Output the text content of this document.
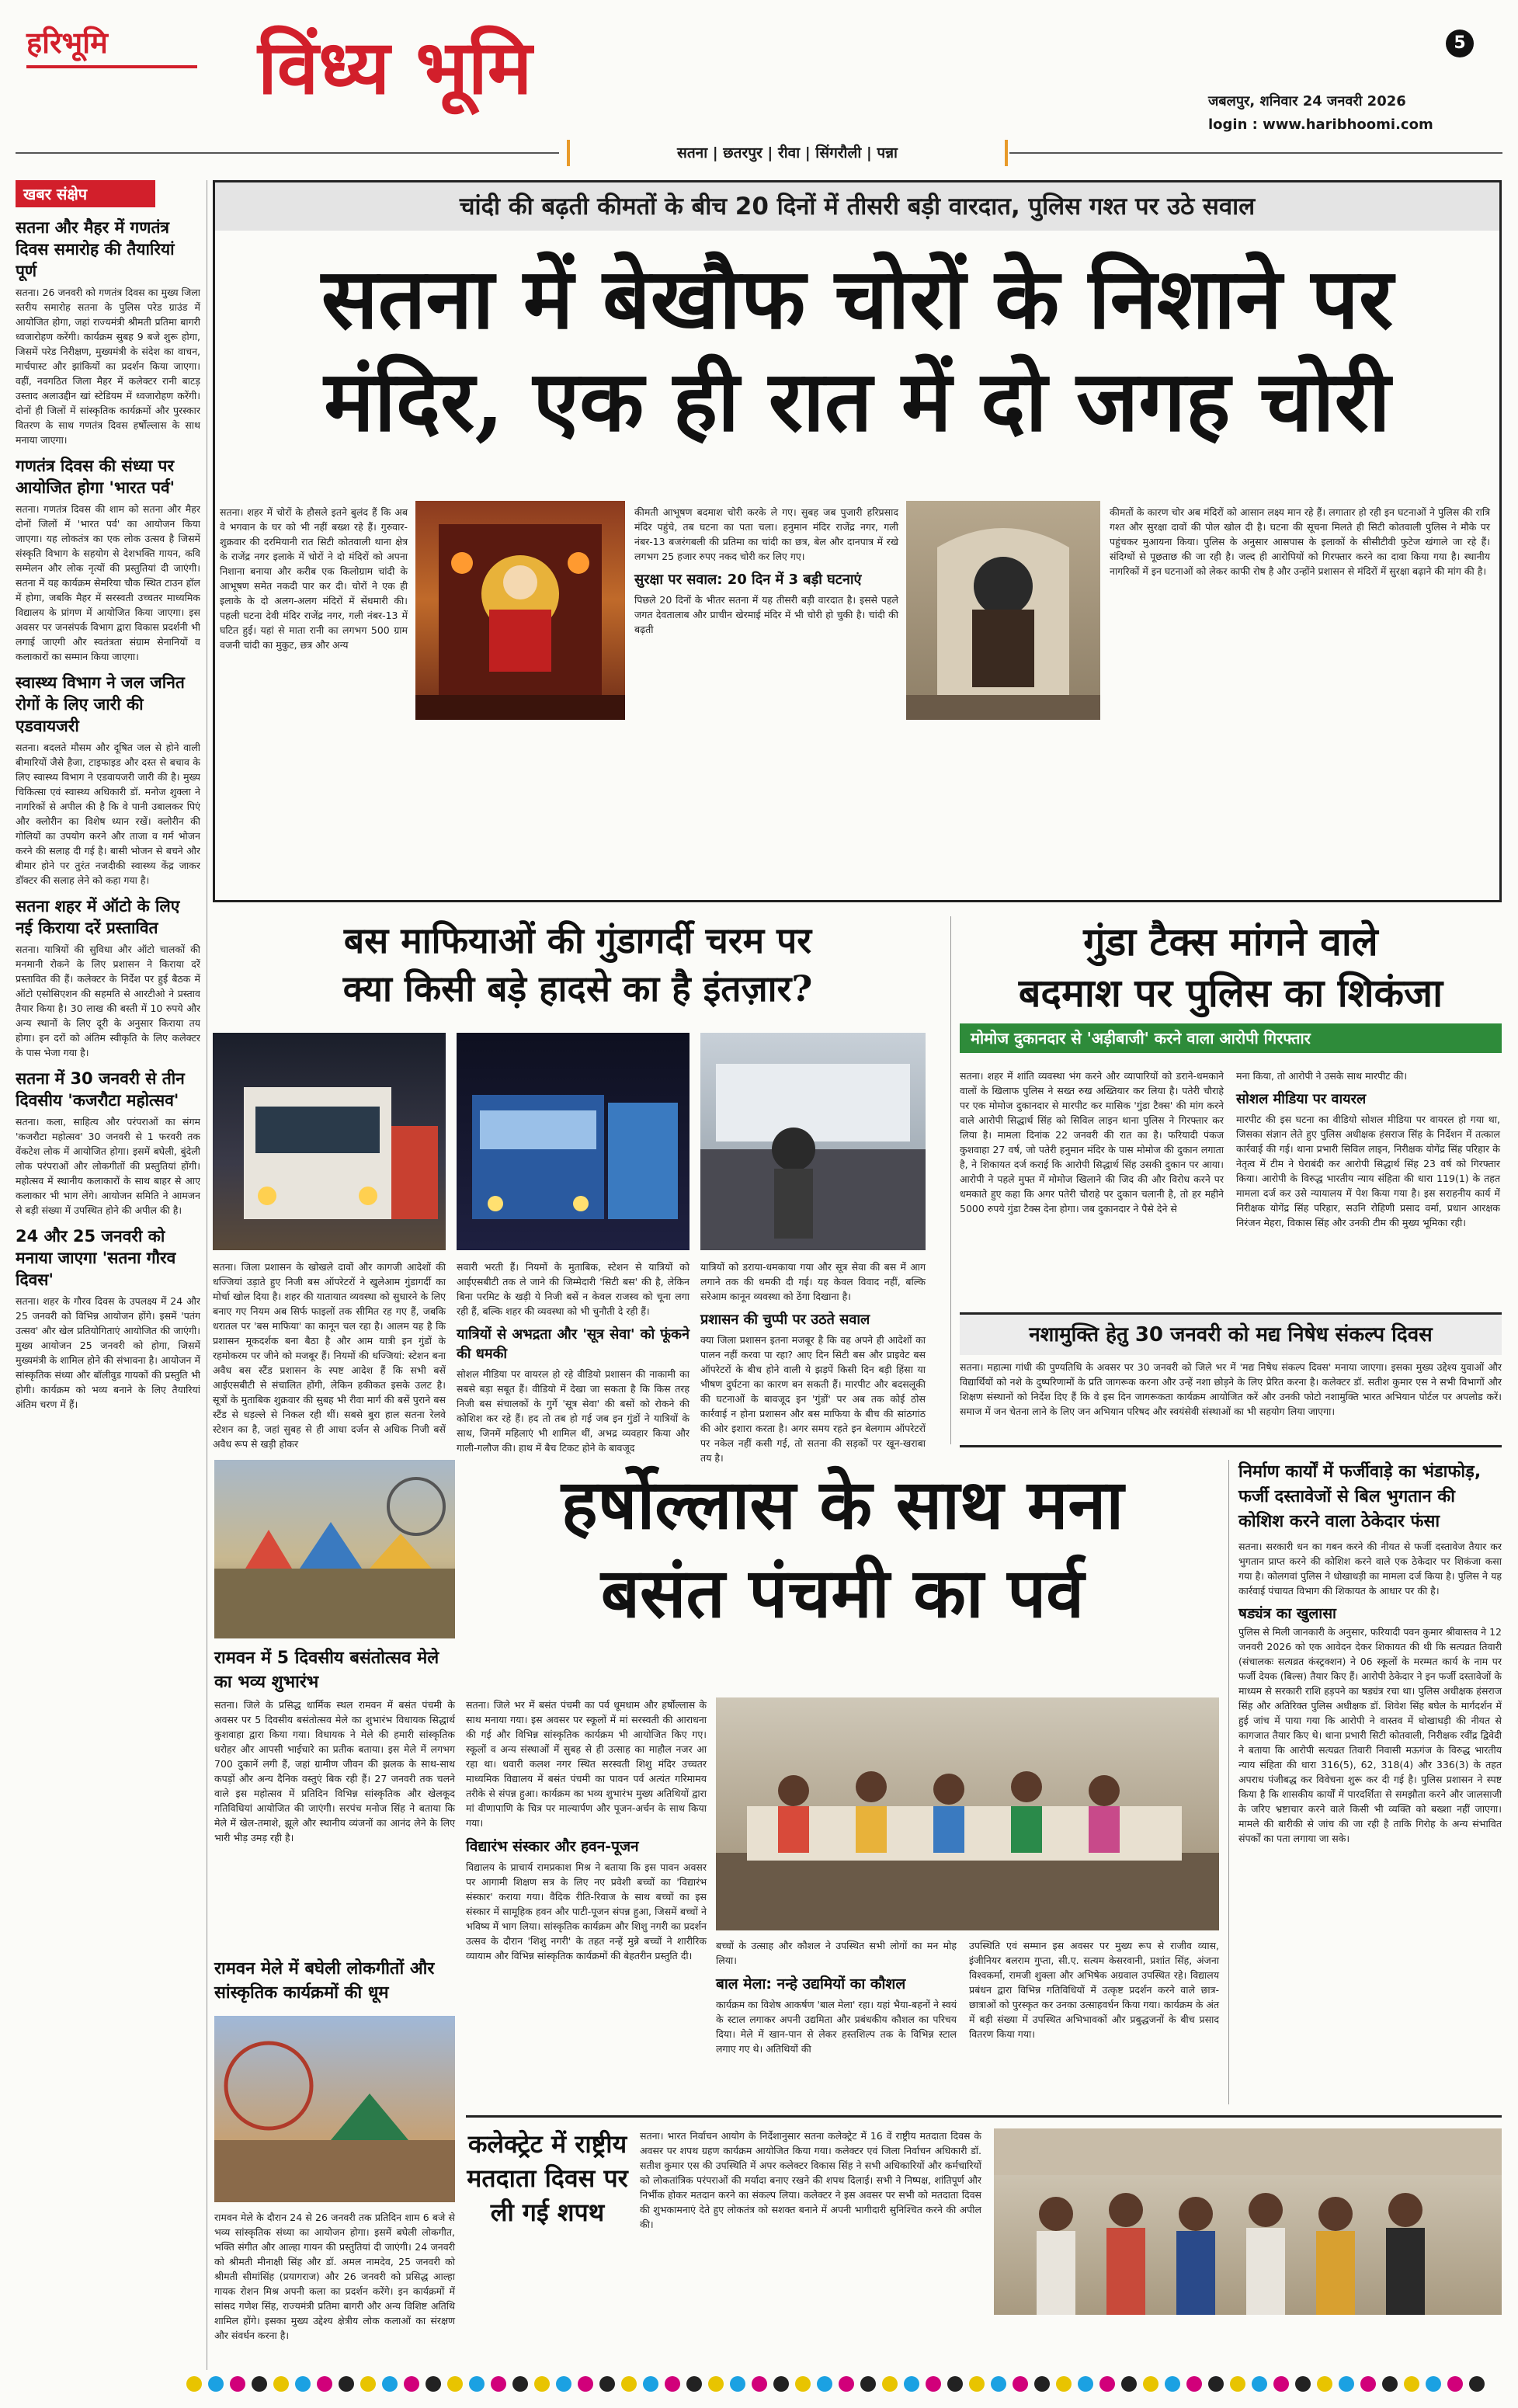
हरिभूमि विंध्य भूमि	5
जबलपुर, शनिवार 24 जनवरी 2026
login : www.haribhoomi.com
सतना | छतरपुर | रीवा | सिंगरौली | पन्ना
खबर संक्षेप
सतना और मैहर में गणतंत्र दिवस समारोह की तैयारियां पूर्ण
सतना। 26 जनवरी को गणतंत्र दिवस का मुख्य जिला स्तरीय समारोह सतना के पुलिस परेड ग्राउंड में आयोजित होगा, जहां राज्यमंत्री श्रीमती प्रतिमा बागरी ध्वजारोहण करेंगी। कार्यक्रम सुबह 9 बजे शुरू होगा, जिसमें परेड निरीक्षण, मुख्यमंत्री के संदेश का वाचन, मार्चपास्ट और झांकियों का प्रदर्शन किया जाएगा। वहीं, नवगठित जिला मैहर में कलेक्टर रानी बाटड़ उस्ताद अलाउद्दीन खां स्टेडियम में ध्वजारोहण करेंगी। दोनों ही जिलों में सांस्कृतिक कार्यक्रमों और पुरस्कार वितरण के साथ गणतंत्र दिवस हर्षोल्लास के साथ मनाया जाएगा।
गणतंत्र दिवस की संध्या पर आयोजित होगा 'भारत पर्व'
सतना। गणतंत्र दिवस की शाम को सतना और मैहर दोनों जिलों में 'भारत पर्व' का आयोजन किया जाएगा। यह लोकतंत्र का एक लोक उत्सव है जिसमें संस्कृति विभाग के सहयोग से देशभक्ति गायन, कवि सम्मेलन और लोक नृत्यों की प्रस्तुतियां दी जाएंगी। सतना में यह कार्यक्रम सेमरिया चौक स्थित टाउन हॉल में होगा, जबकि मैहर में सरस्वती उच्चतर माध्यमिक विद्यालय के प्रांगण में आयोजित किया जाएगा। इस अवसर पर जनसंपर्क विभाग द्वारा विकास प्रदर्शनी भी लगाई जाएगी और स्वतंत्रता संग्राम सेनानियों व कलाकारों का सम्मान किया जाएगा।
स्वास्थ्य विभाग ने जल जनित रोगों के लिए जारी की एडवायजरी
सतना। बदलते मौसम और दूषित जल से होने वाली बीमारियों जैसे हैजा, टाइफाइड और दस्त से बचाव के लिए स्वास्थ्य विभाग ने एडवायजरी जारी की है। मुख्य चिकित्सा एवं स्वास्थ्य अधिकारी डॉ. मनोज शुक्ला ने नागरिकों से अपील की है कि वे पानी उबालकर पिएं और क्लोरीन का विशेष ध्यान रखें। क्लोरीन की गोलियों का उपयोग करने और ताजा व गर्म भोजन करने की सलाह दी गई है। बासी भोजन से बचने और बीमार होने पर तुरंत नजदीकी स्वास्थ्य केंद्र जाकर डॉक्टर की सलाह लेने को कहा गया है।
सतना शहर में ऑटो के लिए नई किराया दरें प्रस्तावित
सतना। यात्रियों की सुविधा और ऑटो चालकों की मनमानी रोकने के लिए प्रशासन ने किराया दरें प्रस्तावित की हैं। कलेक्टर के निर्देश पर हुई बैठक में ऑटो एसोसिएशन की सहमति से आरटीओ ने प्रस्ताव तैयार किया है। 30 लाख की बस्ती में 10 रुपये और अन्य स्थानों के लिए दूरी के अनुसार किराया तय होगा। इन दरों को अंतिम स्वीकृति के लिए कलेक्टर के पास भेजा गया है।
सतना में 30 जनवरी से तीन दिवसीय 'कजरौटा महोत्सव'
सतना। कला, साहित्य और परंपराओं का संगम 'कजरौटा महोत्सव' 30 जनवरी से 1 फरवरी तक वेंकटेश लोक में आयोजित होगा। इसमें बघेली, बुंदेली लोक परंपराओं और लोकगीतों की प्रस्तुतियां होंगी। महोत्सव में स्थानीय कलाकारों के साथ बाहर से आए कलाकार भी भाग लेंगे। आयोजन समिति ने आमजन से बड़ी संख्या में उपस्थित होने की अपील की है।
24 और 25 जनवरी को मनाया जाएगा 'सतना गौरव दिवस'
सतना। शहर के गौरव दिवस के उपलक्ष्य में 24 और 25 जनवरी को विभिन्न आयोजन होंगे। इसमें 'पतंग उत्सव' और खेल प्रतियोगिताएं आयोजित की जाएंगी। मुख्य आयोजन 25 जनवरी को होगा, जिसमें मुख्यमंत्री के शामिल होने की संभावना है। आयोजन में सांस्कृतिक संध्या और बॉलीवुड गायकों की प्रस्तुति भी होगी। कार्यक्रम को भव्य बनाने के लिए तैयारियां अंतिम चरण में हैं।
चांदी की बढ़ती कीमतों के बीच 20 दिनों में तीसरी बड़ी वारदात, पुलिस गश्त पर उठे सवाल
सतना में बेखौफ चोरों के निशाने पर
मंदिर, एक ही रात में दो जगह चोरी
सतना। शहर में चोरों के हौसले इतने बुलंद हैं कि अब वे भगवान के घर को भी नहीं बख्श रहे हैं। गुरुवार-शुक्रवार की दरमियानी रात सिटी कोतवाली थाना क्षेत्र के राजेंद्र नगर इलाके में चोरों ने दो मंदिरों को अपना निशाना बनाया और करीब एक किलोग्राम चांदी के आभूषण समेत नकदी पार कर दी। चोरों ने एक ही इलाके के दो अलग-अलग मंदिरों में सेंधमारी की। पहली घटना देवी मंदिर राजेंद्र नगर, गली नंबर-13 में घटित हुई। यहां से माता रानी का लगभग 500 ग्राम वजनी चांदी का मुकुट, छत्र और अन्य
कीमती आभूषण बदमाश चोरी करके ले गए। सुबह जब पुजारी हरिप्रसाद मंदिर पहुंचे, तब घटना का पता चला। हनुमान मंदिर राजेंद्र नगर, गली नंबर-13 बजरंगबली की प्रतिमा का चांदी का छत्र, बेल और दानपात्र में रखे लगभग 25 हजार रुपए नकद चोरी कर लिए गए।
सुरक्षा पर सवाल: 20 दिन में 3 बड़ी घटनाएं
पिछले 20 दिनों के भीतर सतना में यह तीसरी बड़ी वारदात है। इससे पहले जगत देवतालाब और प्राचीन खेरमाई मंदिर में भी चोरी हो चुकी है। चांदी की बढ़ती
कीमतों के कारण चोर अब मंदिरों को आसान लक्ष्य मान रहे हैं। लगातार हो रही इन घटनाओं ने पुलिस की रात्रि गश्त और सुरक्षा दावों की पोल खोल दी है। घटना की सूचना मिलते ही सिटी कोतवाली पुलिस ने मौके पर पहुंचकर मुआयना किया। पुलिस के अनुसार आसपास के इलाकों के सीसीटीवी फुटेज खंगाले जा रहे हैं। संदिग्धों से पूछताछ की जा रही है। जल्द ही आरोपियों को गिरफ्तार करने का दावा किया गया है। स्थानीय नागरिकों में इन घटनाओं को लेकर काफी रोष है और उन्होंने प्रशासन से मंदिरों में सुरक्षा बढ़ाने की मांग की है।
बस माफियाओं की गुंडागर्दी चरम पर
क्या किसी बड़े हादसे का है इंतज़ार?
सतना। जिला प्रशासन के खोखले दावों और कागजी आदेशों की धज्जियां उड़ाते हुए निजी बस ऑपरेटरों ने खुलेआम गुंडागर्दी का मोर्चा खोल दिया है। शहर की यातायात व्यवस्था को सुधारने के लिए बनाए गए नियम अब सिर्फ फाइलों तक सीमित रह गए हैं, जबकि धरातल पर 'बस माफिया' का कानून चल रहा है। आलम यह है कि प्रशासन मूकदर्शक बना बैठा है और आम यात्री इन गुंडों के रहमोकरम पर जीने को मजबूर हैं। नियमों की धज्जियां: स्टेशन बना अवैध बस स्टैंड प्रशासन के स्पष्ट आदेश हैं कि सभी बसें आईएसबीटी से संचालित होंगी, लेकिन हकीकत इसके उलट है। सूत्रों के मुताबिक शुक्रवार की सुबह भी रीवा मार्ग की बसें पुराने बस स्टैंड से धड़ल्ले से निकल रही थीं। सबसे बुरा हाल सतना रेलवे स्टेशन का है, जहां सुबह से ही आधा दर्जन से अधिक निजी बसें अवैध रूप से खड़ी होकर
सवारी भरती हैं। नियमों के मुताबिक, स्टेशन से यात्रियों को आईएसबीटी तक ले जाने की जिम्मेदारी 'सिटी बस' की है, लेकिन बिना परमिट के खड़ी ये निजी बसें न केवल राजस्व को चूना लगा रही हैं, बल्कि शहर की व्यवस्था को भी चुनौती दे रही हैं।
यात्रियों से अभद्रता और 'सूत्र सेवा' को फूंकने की धमकी
सोशल मीडिया पर वायरल हो रहे वीडियो प्रशासन की नाकामी का सबसे बड़ा सबूत हैं। वीडियो में देखा जा सकता है कि किस तरह निजी बस संचालकों के गुर्गे 'सूत्र सेवा' की बसों को रोकने की कोशिश कर रहे हैं। हद तो तब हो गई जब इन गुंडों ने यात्रियों के साथ, जिनमें महिलाएं भी शामिल थीं, अभद्र व्यवहार किया और गाली-गलौज की। हाथ में बैच टिकट होने के बावजूद
यात्रियों को डराया-धमकाया गया और सूत्र सेवा की बस में आग लगाने तक की धमकी दी गई। यह केवल विवाद नहीं, बल्कि सरेआम कानून व्यवस्था को ठेंगा दिखाना है।
प्रशासन की चुप्पी पर उठते सवाल
क्या जिला प्रशासन इतना मजबूर है कि वह अपने ही आदेशों का पालन नहीं करवा पा रहा? आए दिन सिटी बस और प्राइवेट बस ऑपरेटरों के बीच होने वाली ये झड़पें किसी दिन बड़ी हिंसा या भीषण दुर्घटना का कारण बन सकती हैं। मारपीट और बदसलूकी की घटनाओं के बावजूद इन 'गुंडों' पर अब तक कोई ठोस कार्रवाई न होना प्रशासन और बस माफिया के बीच की सांठगांठ की ओर इशारा करता है। अगर समय रहते इन बेलगाम ऑपरेटरों पर नकेल नहीं कसी गई, तो सतना की सड़कों पर खून-खराबा तय है।
गुंडा टैक्स मांगने वाले
बदमाश पर पुलिस का शिकंजा
मोमोज दुकानदार से 'अड़ीबाजी' करने वाला आरोपी गिरफ्तार
सतना। शहर में शांति व्यवस्था भंग करने और व्यापारियों को डराने-धमकाने वालों के खिलाफ पुलिस ने सख्त रुख अख्तियार कर लिया है। पतेरी चौराहे पर एक मोमोज दुकानदार से मारपीट कर मासिक 'गुंडा टैक्स' की मांग करने वाले आरोपी सिद्धार्थ सिंह को सिविल लाइन थाना पुलिस ने गिरफ्तार कर लिया है। मामला दिनांक 22 जनवरी की रात का है। फरियादी पंकज कुशवाहा 27 वर्ष, जो पतेरी हनुमान मंदिर के पास मोमोज की दुकान लगाता है, ने शिकायत दर्ज कराई कि आरोपी सिद्धार्थ सिंह उसकी दुकान पर आया। आरोपी ने पहले मुफ्त में मोमोज खिलाने की जिद की और विरोध करने पर धमकाते हुए कहा कि अगर पतेरी चौराहे पर दुकान चलानी है, तो हर महीने 5000 रुपये गुंडा टैक्स देना होगा। जब दुकानदार ने पैसे देने से
मना किया, तो आरोपी ने उसके साथ मारपीट की।
सोशल मीडिया पर वायरल
मारपीट की इस घटना का वीडियो सोशल मीडिया पर वायरल हो गया था, जिसका संज्ञान लेते हुए पुलिस अधीक्षक हंसराज सिंह के निर्देशन में तत्काल कार्रवाई की गई। थाना प्रभारी सिविल लाइन, निरीक्षक योगेंद्र सिंह परिहार के नेतृत्व में टीम ने घेराबंदी कर आरोपी सिद्धार्थ सिंह 23 वर्ष को गिरफ्तार किया। आरोपी के विरुद्ध भारतीय न्याय संहिता की धारा 119(1) के तहत मामला दर्ज कर उसे न्यायालय में पेश किया गया है। इस सराहनीय कार्य में निरीक्षक योगेंद्र सिंह परिहार, सउनि रोहिणी प्रसाद वर्मा, प्रधान आरक्षक निरंजन मेहरा, विकास सिंह और उनकी टीम की मुख्य भूमिका रही।
नशामुक्ति हेतु 30 जनवरी को मद्य निषेध संकल्प दिवस
सतना। महात्मा गांधी की पुण्यतिथि के अवसर पर 30 जनवरी को जिले भर में 'मद्य निषेध संकल्प दिवस' मनाया जाएगा। इसका मुख्य उद्देश्य युवाओं और विद्यार्थियों को नशे के दुष्परिणामों के प्रति जागरूक करना और उन्हें नशा छोड़ने के लिए प्रेरित करना है। कलेक्टर डॉ. सतीश कुमार एस ने सभी विभागों और शिक्षण संस्थानों को निर्देश दिए हैं कि वे इस दिन जागरूकता कार्यक्रम आयोजित करें और उनकी फोटो नशामुक्ति भारत अभियान पोर्टल पर अपलोड करें। समाज में जन चेतना लाने के लिए जन अभियान परिषद और स्वयंसेवी संस्थाओं का भी सहयोग लिया जाएगा।
रामवन में 5 दिवसीय बसंतोत्सव मेले का भव्य शुभारंभ
सतना। जिले के प्रसिद्ध धार्मिक स्थल रामवन में बसंत पंचमी के अवसर पर 5 दिवसीय बसंतोत्सव मेले का शुभारंभ विधायक सिद्धार्थ कुशवाहा द्वारा किया गया। विधायक ने मेले की हमारी सांस्कृतिक धरोहर और आपसी भाईचारे का प्रतीक बताया। इस मेले में लगभग 700 दुकानें लगी हैं, जहां ग्रामीण जीवन की झलक के साथ-साथ कपड़ों और अन्य दैनिक वस्तुएं बिक रही हैं। 27 जनवरी तक चलने वाले इस महोत्सव में प्रतिदिन विभिन्न सांस्कृतिक और खेलकूद गतिविधियां आयोजित की जाएंगी। सरपंच मनोज सिंह ने बताया कि मेले में खेल-तमाशे, झूले और स्थानीय व्यंजनों का आनंद लेने के लिए भारी भीड़ उमड़ रही है।
रामवन मेले में बघेली लोकगीतों और सांस्कृतिक कार्यक्रमों की धूम
रामवन मेले के दौरान 24 से 26 जनवरी तक प्रतिदिन शाम 6 बजे से भव्य सांस्कृतिक संध्या का आयोजन होगा। इसमें बघेली लोकगीत, भक्ति संगीत और आल्हा गायन की प्रस्तुतियां दी जाएंगी। 24 जनवरी को श्रीमती मीनाक्षी सिंह और डॉ. अमल नामदेव, 25 जनवरी को श्रीमती सीमांसिंह (प्रयागराज) और 26 जनवरी को प्रसिद्ध आल्हा गायक रोशन मिश्र अपनी कला का प्रदर्शन करेंगे। इन कार्यक्रमों में सांसद गणेश सिंह, राज्यमंत्री प्रतिमा बागरी और अन्य विशिष्ट अतिथि शामिल होंगे। इसका मुख्य उद्देश्य क्षेत्रीय लोक कलाओं का संरक्षण और संवर्धन करना है।
हर्षोल्लास के साथ मना
बसंत पंचमी का पर्व
सतना। जिले भर में बसंत पंचमी का पर्व धूमधाम और हर्षोल्लास के साथ मनाया गया। इस अवसर पर स्कूलों में मां सरस्वती की आराधना की गई और विभिन्न सांस्कृतिक कार्यक्रम भी आयोजित किए गए। स्कूलों व अन्य संस्थाओं में सुबह से ही उत्साह का माहौल नजर आ रहा था। धवारी कलश नगर स्थित सरस्वती शिशु मंदिर उच्चतर माध्यमिक विद्यालय में बसंत पंचमी का पावन पर्व अत्यंत गरिमामय तरीके से संपन्न हुआ। कार्यक्रम का भव्य शुभारंभ मुख्य अतिथियों द्वारा मां वीणापाणि के चित्र पर माल्यार्पण और पूजन-अर्चन के साथ किया गया।
विद्यारंभ संस्कार और हवन-पूजन
विद्यालय के प्राचार्य रामप्रकाश मिश्र ने बताया कि इस पावन अवसर पर आगामी शिक्षण सत्र के लिए नए प्रवेशी बच्चों का 'विद्यारंभ संस्कार' कराया गया। वैदिक रीति-रिवाज के साथ बच्चों का इस संस्कार में सामूहिक हवन और पाटी-पूजन संपन्न हुआ, जिसमें बच्चों ने भविष्य में भाग लिया। सांस्कृतिक कार्यक्रम और शिशु नगरी का प्रदर्शन उत्सव के दौरान 'शिशु नगरी' के तहत नन्हें मुन्ने बच्चों ने शारीरिक व्यायाम और विभिन्न सांस्कृतिक कार्यक्रमों की बेहतरीन प्रस्तुति दी।
बच्चों के उत्साह और कौशल ने उपस्थित सभी लोगों का मन मोह लिया।
बाल मेला: नन्हे उद्यमियों का कौशल
कार्यक्रम का विशेष आकर्षण 'बाल मेला' रहा। यहां भैया-बहनों ने स्वयं के स्टाल लगाकर अपनी उद्यमिता और प्रबंधकीय कौशल का परिचय दिया। मेले में खान-पान से लेकर हस्तशिल्प तक के विभिन्न स्टाल लगाए गए थे। अतिथियों की
उपस्थिति एवं सम्मान इस अवसर पर मुख्य रूप से राजीव व्यास, इंजीनियर बलराम गुप्ता, सी.ए. सत्यम केसरवानी, प्रशांत सिंह, अंजना विश्वकर्मा, रामजी शुक्ला और अभिषेक अग्रवाल उपस्थित रहे। विद्यालय प्रबंधन द्वारा विभिन्न गतिविधियों में उत्कृष्ट प्रदर्शन करने वाले छात्र-छात्राओं को पुरस्कृत कर उनका उत्साहवर्धन किया गया। कार्यक्रम के अंत में बड़ी संख्या में उपस्थित अभिभावकों और प्रबुद्धजनों के बीच प्रसाद वितरण किया गया।
निर्माण कार्यों में फर्जीवाड़े का भंडाफोड़, फर्जी दस्तावेजों से बिल भुगतान की कोशिश करने वाला ठेकेदार फंसा
सतना। सरकारी धन का गबन करने की नीयत से फर्जी दस्तावेज तैयार कर भुगतान प्राप्त करने की कोशिश करने वाले एक ठेकेदार पर शिकंजा कसा गया है। कोलगवां पुलिस ने धोखाधड़ी का मामला दर्ज किया है। पुलिस ने यह कार्रवाई पंचायत विभाग की शिकायत के आधार पर की है।
षड्यंत्र का खुलासा
पुलिस से मिली जानकारी के अनुसार, फरियादी पवन कुमार श्रीवास्तव ने 12 जनवरी 2026 को एक आवेदन देकर शिकायत की थी कि सत्यव्रत तिवारी (संचालकः सत्यव्रत कंस्ट्रक्शन) ने 06 स्कूलों के मरम्मत कार्य के नाम पर फर्जी देयक (बिल्स) तैयार किए हैं। आरोपी ठेकेदार ने इन फर्जी दस्तावेजों के माध्यम से सरकारी राशि हड़पने का षड्यंत्र रचा था। पुलिस अधीक्षक हंसराज सिंह और अतिरिक्त पुलिस अधीक्षक डॉ. शिवेश सिंह बघेल के मार्गदर्शन में हुई जांच में पाया गया कि आरोपी ने वास्तव में धोखाधड़ी की नीयत से कागजात तैयार किए थे। थाना प्रभारी सिटी कोतवाली, निरीक्षक रवींद्र द्विवेदी ने बताया कि आरोपी सत्यव्रत तिवारी निवासी मऊगंज के विरुद्ध भारतीय न्याय संहिता की धारा 316(5), 62, 318(4) और 336(3) के तहत अपराध पंजीबद्ध कर विवेचना शुरू कर दी गई है। पुलिस प्रशासन ने स्पष्ट किया है कि शासकीय कार्यों में पारदर्शिता से समझौता करने और जालसाजी के जरिए भ्रष्टाचार करने वाले किसी भी व्यक्ति को बख्शा नहीं जाएगा। मामले की बारीकी से जांच की जा रही है ताकि गिरोह के अन्य संभावित संपर्कों का पता लगाया जा सके।
कलेक्ट्रेट में राष्ट्रीय मतदाता दिवस पर ली गई शपथ
सतना। भारत निर्वाचन आयोग के निर्देशानुसार सतना कलेक्ट्रेट में 16 वें राष्ट्रीय मतदाता दिवस के अवसर पर शपथ ग्रहण कार्यक्रम आयोजित किया गया। कलेक्टर एवं जिला निर्वाचन अधिकारी डॉ. सतीश कुमार एस की उपस्थिति में अपर कलेक्टर विकास सिंह ने सभी अधिकारियों और कर्मचारियों को लोकतांत्रिक परंपराओं की मर्यादा बनाए रखने की शपथ दिलाई। सभी ने निष्पक्ष, शांतिपूर्ण और निर्भीक होकर मतदान करने का संकल्प लिया। कलेक्टर ने इस अवसर पर सभी को मतदाता दिवस की शुभकामनाएं देते हुए लोकतंत्र को सशक्त बनाने में अपनी भागीदारी सुनिश्चित करने की अपील की।
